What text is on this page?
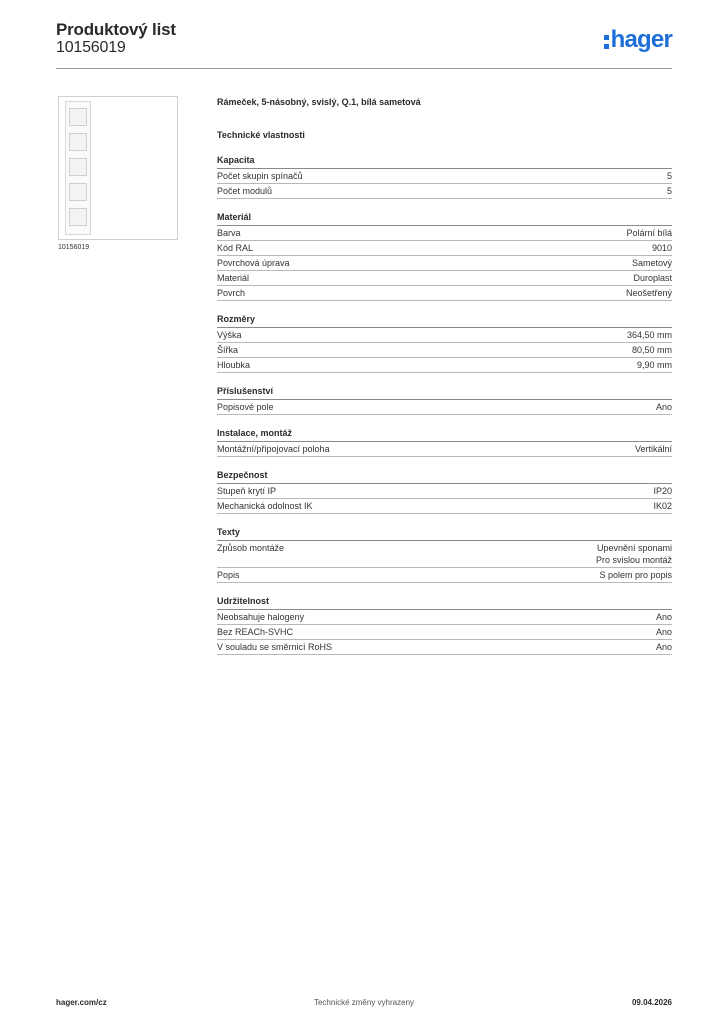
Produktový list
10156019	hager
10156019
Rámeček, 5-násobný, svislý, Q.1, bílá sametová
Technické vlastnosti
Kapacita
Počet skupin spínačů	5
Počet modulů	5
Materiál
Barva	Polární bílá
Kód RAL	9010
Povrchová úprava	Sametový
Materiál	Duroplast
Povrch	Neošetřený
Rozměry
Výška	364,50 mm
Šířka	80,50 mm
Hloubka	9,90 mm
Příslušenství
Popisové pole	Ano
Instalace, montáž
Montážní/připojovací poloha	Vertikální
Bezpečnost
Stupeň krytí IP	IP20
Mechanická odolnost IK	IK02
Texty
Způsob montáže	Upevnění sponami
Pro svislou montáž
Popis	S polem pro popis
Udržitelnost
Neobsahuje halogeny	Ano
Bez REACh-SVHC	Ano
V souladu se směrnicí RoHS	Ano
hager.com/cz	Technické změny vyhrazeny	09.04.2026
